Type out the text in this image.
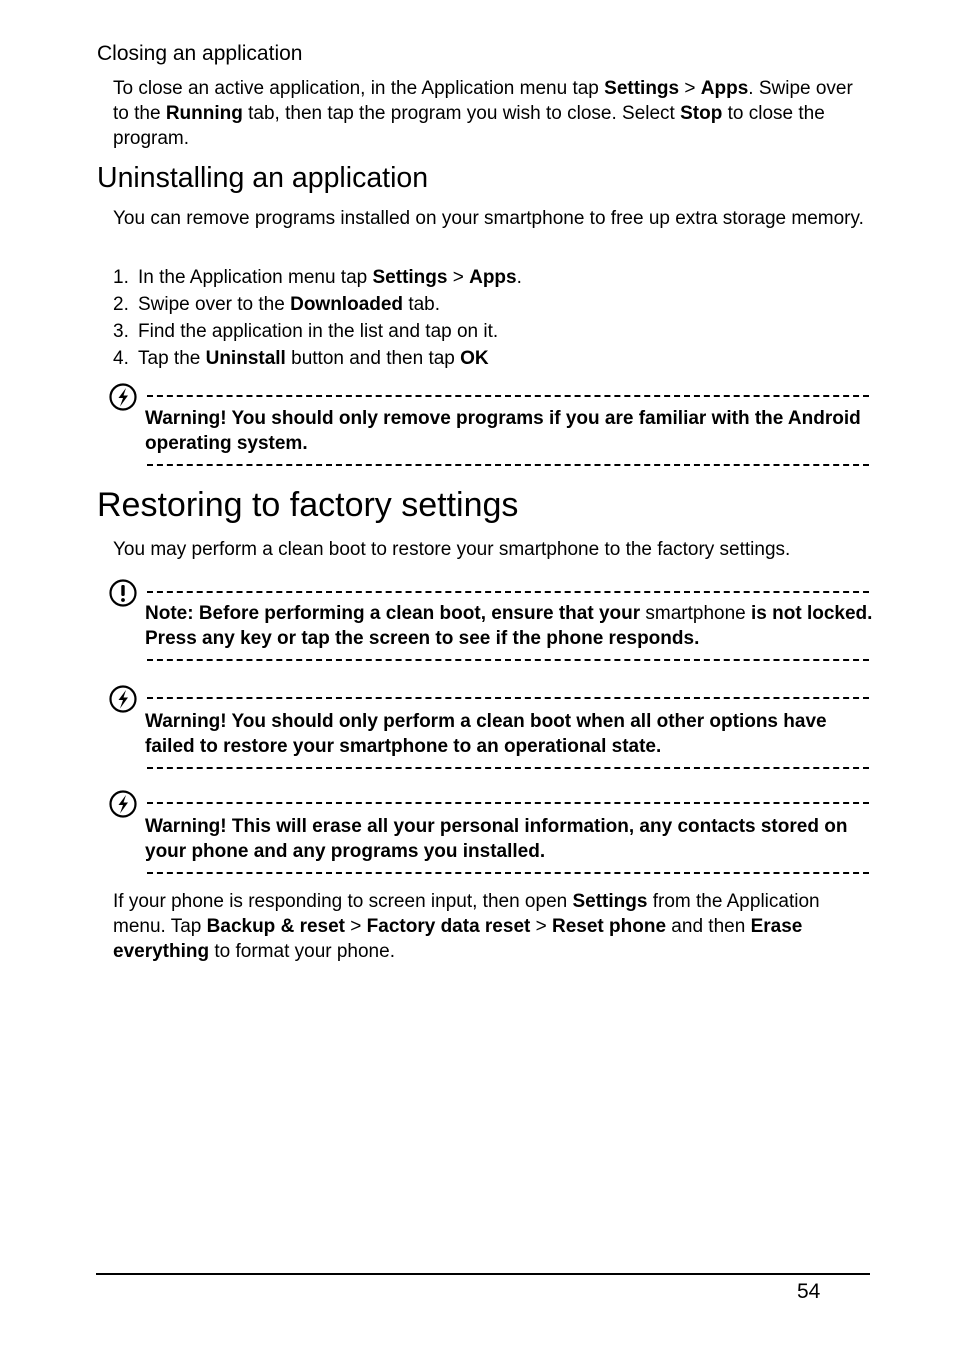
Closing an application
To close an active application, in the Application menu tap Settings > Apps. Swipe over to the Running tab, then tap the program you wish to close. Select Stop to close the program.
Uninstalling an application
You can remove programs installed on your smartphone to free up extra storage memory.
1. In the Application menu tap Settings > Apps.
2. Swipe over to the Downloaded tab.
3. Find the application in the list and tap on it.
4. Tap the Uninstall button and then tap OK
Warning! You should only remove programs if you are familiar with the Android operating system.
Restoring to factory settings
You may perform a clean boot to restore your smartphone to the factory settings.
Note: Before performing a clean boot, ensure that your smartphone is not locked. Press any key or tap the screen to see if the phone responds.
Warning! You should only perform a clean boot when all other options have failed to restore your smartphone to an operational state.
Warning! This will erase all your personal information, any contacts stored on your phone and any programs you installed.
If your phone is responding to screen input, then open Settings from the Application menu. Tap Backup & reset > Factory data reset > Reset phone and then Erase everything to format your phone.
54
